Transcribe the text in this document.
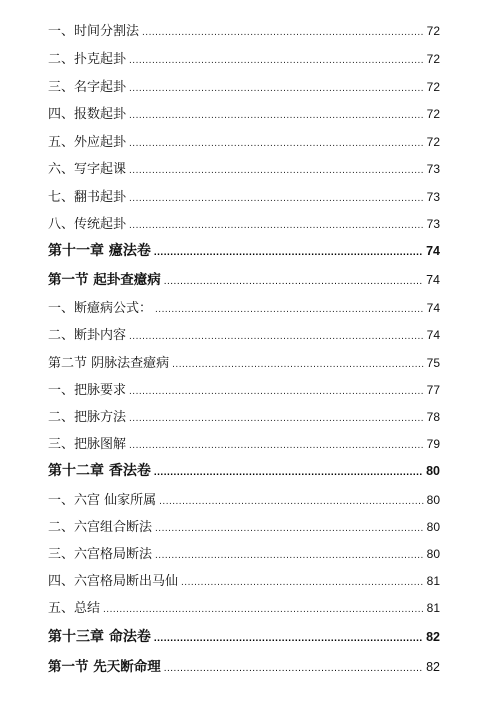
一、时间分割法 .....	72
二、扑克起卦 .....	72
三、名字起卦 .....	72
四、报数起卦 .....	72
五、外应起卦 .....	72
六、写字起课 .....	73
七、翻书起卦 .....	73
八、传统起卦 .....	73
第十一章 癔法卷 .....	74
第一节 起卦查癔病 .....	74
一、断癔病公式： .....	74
二、断卦内容 .....	74
第二节 阴脉法查癔病 .....	75
一、把脉要求 .....	77
二、把脉方法 .....	78
三、把脉图解 .....	79
第十二章 香法卷 .....	80
一、六宫 仙家所属 .....	80
二、六宫组合断法 .....	80
三、六宫格局断法 .....	80
四、六宫格局断出马仙 .....	81
五、总结 .....	81
第十三章 命法卷 .....	82
第一节 先天断命理 .....	82
